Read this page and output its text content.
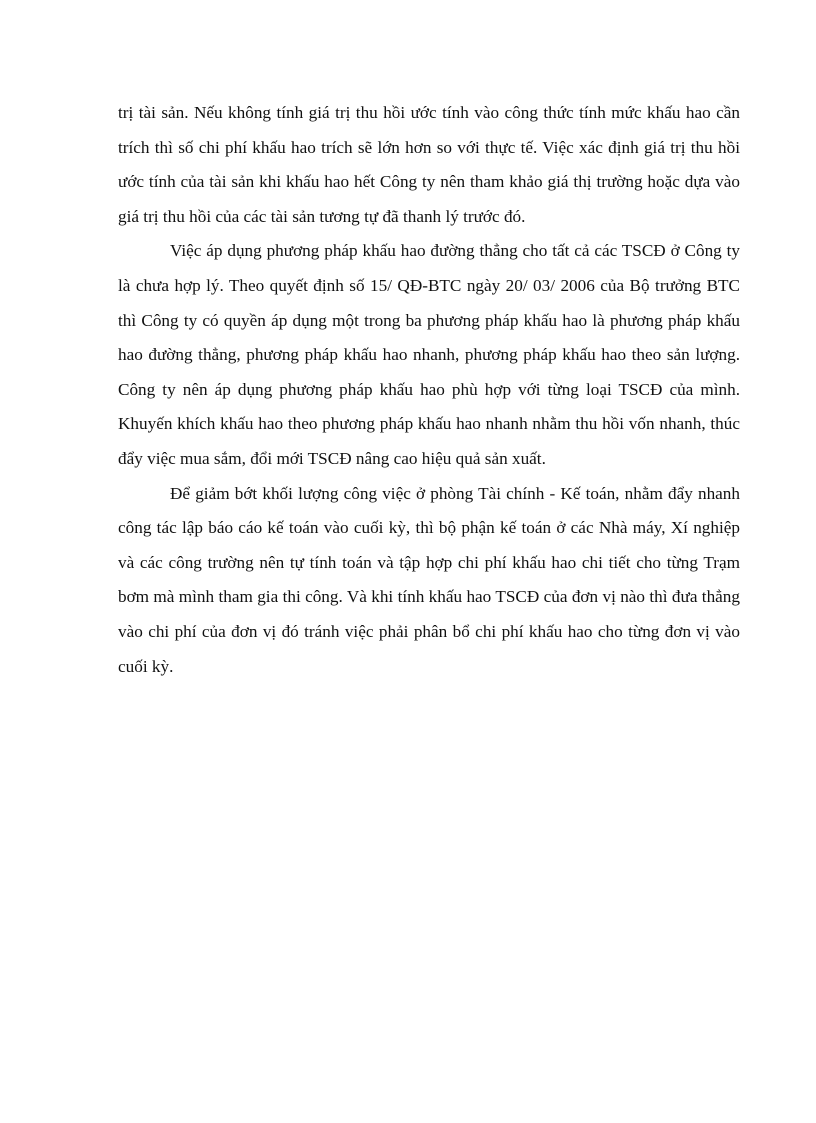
trị tài sản. Nếu không tính giá trị thu hồi ước tính vào công thức tính mức khấu hao cần trích thì số chi phí khấu hao trích sẽ lớn hơn so với thực tế. Việc xác định giá trị thu hồi ước tính của tài sản khi khấu hao hết Công ty nên tham khảo giá thị trường hoặc dựa vào giá trị thu hồi của các tài sản tương tự đã thanh lý trước đó.

Việc áp dụng phương pháp khấu hao đường thẳng cho tất cả các TSCĐ ở Công ty là chưa hợp lý. Theo quyết định số 15/ QĐ-BTC ngày 20/ 03/ 2006 của Bộ trưởng BTC thì Công ty có quyền áp dụng một trong ba phương pháp khấu hao là phương pháp khấu hao đường thẳng, phương pháp khấu hao nhanh, phương pháp khấu hao theo sản lượng. Công ty nên áp dụng phương pháp khấu hao phù hợp với từng loại TSCĐ của mình. Khuyến khích khấu hao theo phương pháp khấu hao nhanh nhằm thu hồi vốn nhanh, thúc đẩy việc mua sắm, đổi mới TSCĐ nâng cao hiệu quả sản xuất.

Để giảm bớt khối lượng công việc ở phòng Tài chính - Kế toán, nhằm đẩy nhanh công tác lập báo cáo kế toán vào cuối kỳ, thì bộ phận kế toán ở các Nhà máy, Xí nghiệp và các công trường nên tự tính toán và tập hợp chi phí khấu hao chi tiết cho từng Trạm bơm mà mình tham gia thi công. Và khi tính khấu hao TSCĐ của đơn vị nào thì đưa thẳng vào chi phí của đơn vị đó tránh việc phải phân bổ chi phí khấu hao cho từng đơn vị vào cuối kỳ.
